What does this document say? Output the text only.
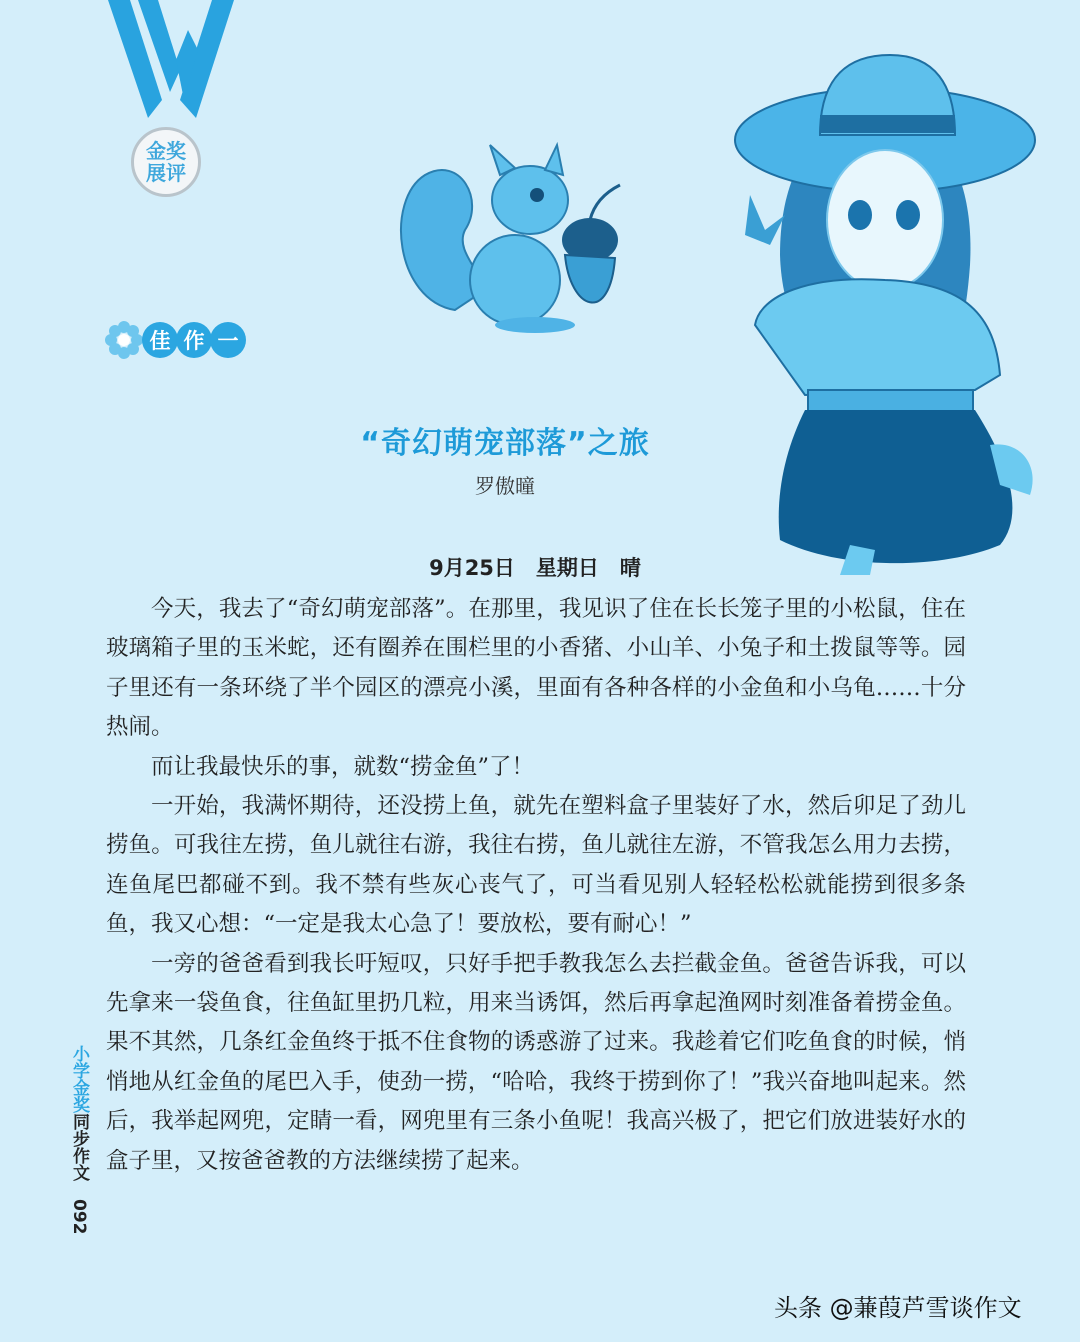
金奖
展评
佳 作 一
“奇幻萌宠部落”之旅
罗傲曈
9月25日　星期日　晴

今天，我去了“奇幻萌宠部落”。在那里，我见识了住在长长笼子里的小松鼠，住在玻璃箱子里的玉米蛇，还有圈养在围栏里的小香猪、小山羊、小兔子和土拨鼠等等。园子里还有一条环绕了半个园区的漂亮小溪，里面有各种各样的小金鱼和小乌龟……十分热闹。

而让我最快乐的事，就数“捞金鱼”了！

一开始，我满怀期待，还没捞上鱼，就先在塑料盒子里装好了水，然后卯足了劲儿捞鱼。可我往左捞，鱼儿就往右游，我往右捞，鱼儿就往左游，不管我怎么用力去捞，连鱼尾巴都碰不到。我不禁有些灰心丧气了，可当看见别人轻轻松松就能捞到很多条鱼，我又心想：“一定是我太心急了！要放松，要有耐心！”

一旁的爸爸看到我长吁短叹，只好手把手教我怎么去拦截金鱼。爸爸告诉我，可以先拿来一袋鱼食，往鱼缸里扔几粒，用来当诱饵，然后再拿起渔网时刻准备着捞金鱼。果不其然，几条红金鱼终于抵不住食物的诱惑游了过来。我趁着它们吃鱼食的时候，悄悄地从红金鱼的尾巴入手，使劲一捞，“哈哈，我终于捞到你了！”我兴奋地叫起来。然后，我举起网兜，定睛一看，网兜里有三条小鱼呢！我高兴极了，把它们放进装好水的盒子里，又按爸爸教的方法继续捞了起来。

小学金奖同步作文 092
头条 @蒹葭芦雪谈作文
